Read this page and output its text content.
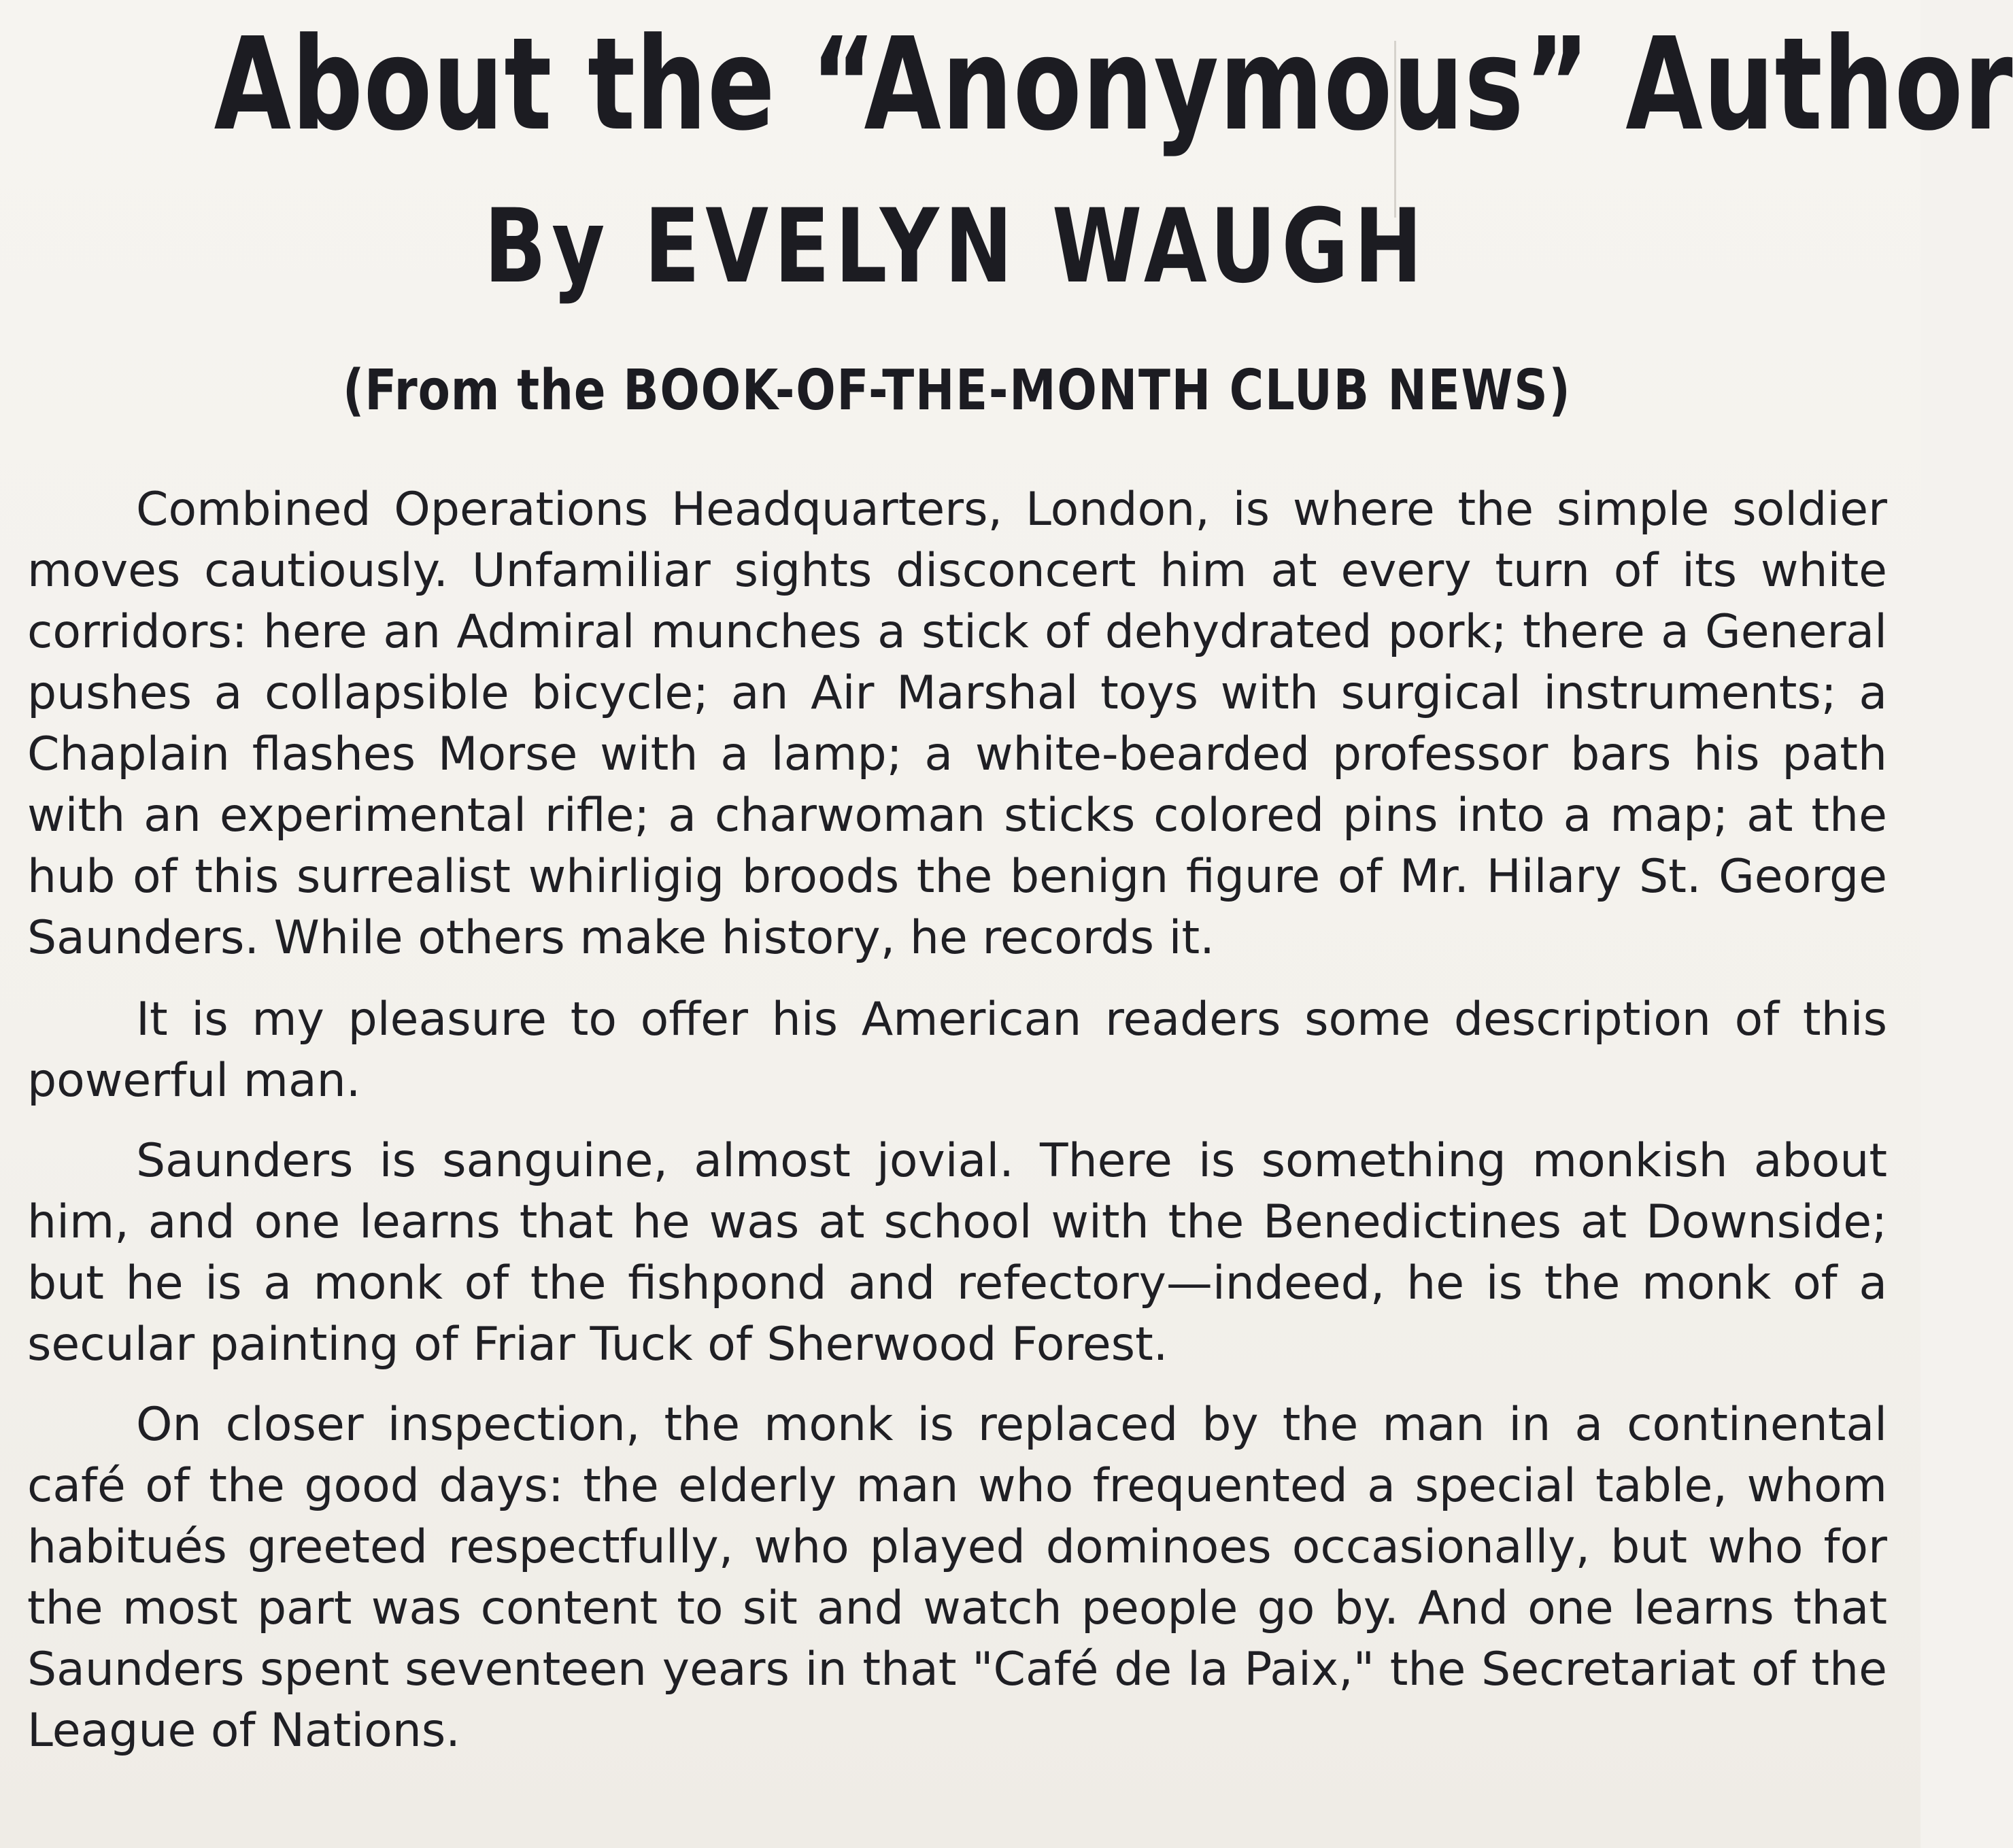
About the “Anonymous” Author
By EVELYN WAUGH
(From the BOOK-OF-THE-MONTH CLUB NEWS)

Combined Operations Headquarters, London, is where the simple soldier moves cautiously. Unfamiliar sights disconcert him at every turn of its white corridors: here an Admiral munches a stick of dehydrated pork; there a General pushes a collapsible bicycle; an Air Marshal toys with surgical instruments; a Chaplain flashes Morse with a lamp; a white-bearded professor bars his path with an experimental rifle; a charwoman sticks colored pins into a map; at the hub of this surrealist whirligig broods the benign figure of Mr. Hilary St. George Saunders. While others make history, he records it.

It is my pleasure to offer his American readers some description of this powerful man.

Saunders is sanguine, almost jovial. There is something monkish about him, and one learns that he was at school with the Benedictines at Downside; but he is a monk of the fishpond and refectory—indeed, he is the monk of a secular painting of Friar Tuck of Sherwood Forest.

On closer inspection, the monk is replaced by the man in a continental café of the good days: the elderly man who frequented a special table, whom habitués greeted respectfully, who played dominoes occasionally, but who for the most part was content to sit and watch people go by. And one learns that Saunders spent seventeen years in that "Café de la Paix," the Secretariat of the League of Nations.
